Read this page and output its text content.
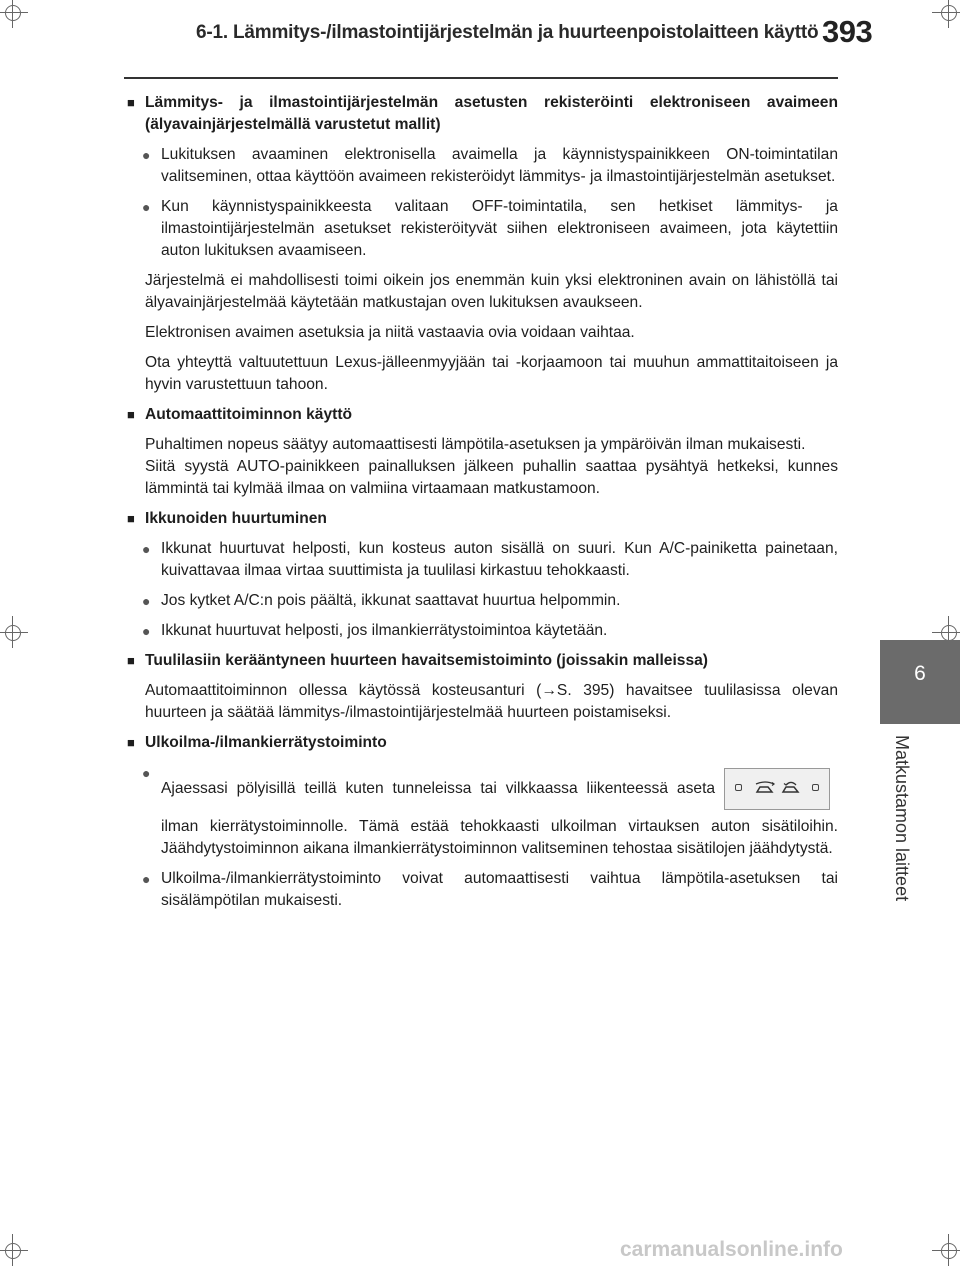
6-1. Lämmitys-/ilmastointijärjestelmän ja huurteenpoistolaitteen käyttö 393
6
Matkustamon laitteet
■ Lämmitys- ja ilmastointijärjestelmän asetusten rekisteröinti elektroniseen avaimeen (älyavainjärjestelmällä varustetut mallit)
● Lukituksen avaaminen elektronisella avaimella ja käynnistyspainikkeen ON-toimintatilan valitseminen, ottaa käyttöön avaimeen rekisteröidyt lämmitys- ja ilmastointijärjestelmän asetukset.
● Kun käynnistyspainikkeesta valitaan OFF-toimintatila, sen hetkiset lämmitys- ja ilmastointijärjestelmän asetukset rekisteröityvät siihen elektroniseen avaimeen, jota käytettiin auton lukituksen avaamiseen.
Järjestelmä ei mahdollisesti toimi oikein jos enemmän kuin yksi elektroninen avain on lähistöllä tai älyavainjärjestelmää käytetään matkustajan oven lukituksen avaukseen.
Elektronisen avaimen asetuksia ja niitä vastaavia ovia voidaan vaihtaa.
Ota yhteyttä valtuutettuun Lexus-jälleenmyyjään tai -korjaamoon tai muuhun ammattitaitoiseen ja hyvin varustettuun tahoon.
■ Automaattitoiminnon käyttö
Puhaltimen nopeus säätyy automaattisesti lämpötila-asetuksen ja ympäröivän ilman mukaisesti.
Siitä syystä AUTO-painikkeen painalluksen jälkeen puhallin saattaa pysähtyä hetkeksi, kunnes lämmintä tai kylmää ilmaa on valmiina virtaamaan matkustamoon.
■ Ikkunoiden huurtuminen
● Ikkunat huurtuvat helposti, kun kosteus auton sisällä on suuri. Kun A/C-painiketta painetaan, kuivattavaa ilmaa virtaa suuttimista ja tuulilasi kirkastuu tehokkaasti.
● Jos kytket A/C:n pois päältä, ikkunat saattavat huurtua helpommin.
● Ikkunat huurtuvat helposti, jos ilmankierrätystoimintoa käytetään.
■ Tuulilasiin kerääntyneen huurteen havaitsemistoiminto (joissakin malleissa)
Automaattitoiminnon ollessa käytössä kosteusanturi (→S. 395) havaitsee tuulilasissa olevan huurteen ja säätää lämmitys-/ilmastointijärjestelmää huurteen poistamiseksi.
■ Ulkoilma-/ilmankierrätystoiminto
● Ajaessasi pölyisillä teillä kuten tunneleissa tai vilkkaassa liikenteessä aseta
ilman kierrätystoiminnolle. Tämä estää tehokkaasti ulkoilman virtauksen auton sisätiloihin. Jäähdytystoiminnon aikana ilmankierrätystoiminnon valitseminen tehostaa sisätilojen jäähdytystä.
● Ulkoilma-/ilmankierrätystoiminto voivat automaattisesti vaihtua lämpötila-asetuksen tai sisälämpötilan mukaisesti.
carmanualsonline.info
